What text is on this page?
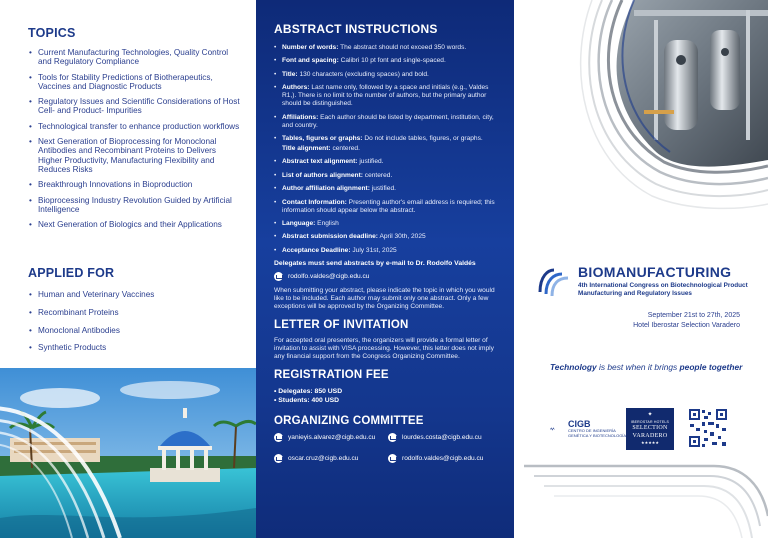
TOPICS
• Current Manufacturing Technologies, Quality Control and Regulatory Compliance
• Tools for Stability Predictions of Biotherapeutics, Vaccines and Diagnostic Products
• Regulatory Issues and Scientific Considerations of Host Cell- and Product- Impurities
• Technological transfer to enhance production workflows
• Next Generation of Bioprocessing for Monoclonal Antibodies and Recombinant Proteins to Delivers Higher Productivity, Manufacturing Flexibility and Reduces Risks
• Breakthrough Innovations in Bioproduction
• Bioprocessing Industry Revolution Guided by Artificial Intelligence
• Next Generation of Biologics and their Applications
APPLIED FOR
• Human and Veterinary Vaccines
• Recombinant Proteins
• Monoclonal Antibodies
• Synthetic Products
ABSTRACT INSTRUCTIONS
• Number of words: The abstract should not exceed 350 words.
• Font and spacing: Calibri 10 pt font and single-spaced.
• Title: 130 characters (excluding spaces) and bold.
• Authors: Last name only, followed by a space and initials (e.g., Valdes R1,). There is no limit to the number of authors, but the primary author should be distinguished.
• Affiliations: Each author should be listed by department, institution, city, and country.
• Tables, figures or graphs: Do not include tables, figures, or graphs.
Title alignment: centered.
• Abstract text alignment: justified.
• List of authors alignment: centered.
• Author affiliation alignment: justified.
• Contact Information: Presenting author's email address is required; this information should appear below the abstract.
• Language: English
• Abstract submission deadline: April 30th, 2025
• Acceptance Deadline: July 31st, 2025
Delegates must send abstracts by e-mail to Dr. Rodolfo Valdés
rodolfo.valdes@cigb.edu.cu
When submitting your abstract, please indicate the topic in which you would like to be included. Each author may submit only one abstract. Only a few exceptions will be approved by the Organizing Committee.
LETTER OF INVITATION
For accepted oral presenters, the organizers will provide a formal letter of invitation to assist with VISA processing. However, this letter does not imply any financial support from the Congress Organizing Committee.
REGISTRATION FEE
• Delegates: 850 USD
• Students: 400 USD
ORGANIZING COMMITTEE
yanieyis.alvarez@cigb.edu.cu	lourdes.costa@cigb.edu.cu
oscar.cruz@cigb.edu.cu	rodolfo.valdes@cigb.edu.cu
BIOMANUFACTURING
4th International Congress on Biotechnological Product Manufacturing and Regulatory Issues
September 21st to 27th, 2025
Hotel Iberostar Selection Varadero
Technology is best when it brings people together
CIGB
CENTRO DE INGENIERÍA GENÉTICA Y BIOTECNOLOGÍA
✦
IBEROSTAR HOTELS
SELECTION
VARADERO
★★★★★
